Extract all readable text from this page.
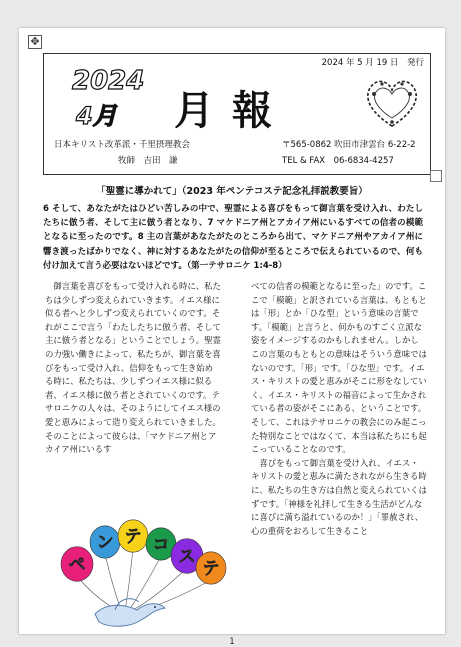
✥
2024 年 5 月 19 日　発行
2024
4月 月報
日本キリスト改革派・千里摂理教会
牧師　吉田　謙
〒565-0862 吹田市津雲台 6-22-2
TEL & FAX　06-6834-4257
「聖霊に導かれて」（2023 年ペンテコステ記念礼拝説教要旨）
6 そして、あなたがたはひどい苦しみの中で、聖霊による喜びをもって御言葉を受け入れ、わたしたちに倣う者、そして主に倣う者となり、7 マケドニア州とアカイア州にいるすべての信者の模範となるに至ったのです。8 主の言葉があなたがたのところから出て、マケドニア州やアカイア州に響き渡ったばかりでなく、神に対するあなたがたの信仰が至るところで伝えられているので、何も付け加えて言う必要はないほどです。（第一テサロニケ 1:4-8）

御言葉を喜びをもって受け入れる時に、私たちは少しずつ変えられていきます。イエス様に似る者へと少しずつ変えられていくのです。それがここで言う「わたしたちに倣う者、そして主に倣う者となる」ということでしょう。聖霊の力強い働きによって、私たちが、御言葉を喜びをもって受け入れ、信仰をもって生き始める時に、私たちは、少しずつイエス様に似る者、イエス様に倣う者とされていくのです。テサロニケの人々は、そのようにしてイエス様の愛と恵みによって造り変えられていきました。そのことによって彼らは、「マケドニア州とアカイア州にいるす

べての信者の模範となるに至った」のです。ここで「模範」と訳されている言葉は、もともとは「形」とか「ひな型」という意味の言葉です。「模範」と言うと、何かものすごく立派な姿をイメージするのかもしれません。しかしこの言葉のもともとの意味はそういう意味ではないのです。「形」です。「ひな型」です。イエス・キリストの愛と恵みがそこに形をなしていく、イエス・キリストの福音によって生かされている者の姿がそこにある、ということです。そして、これはテサロニケの教会にのみ起こった特別なことではなくて、本当は私たちにも起こっていることなのです。

喜びをもって御言葉を受け入れ、イエス・キリストの愛と恵みに満たされながら生きる時に、私たちの生き方は自然と変えられていくはずです。「神様を礼拝して生きる生活がどんなに喜びに満ち溢れているのか！」「罪赦され、心の重荷をおろして生きること

ペ
ン テ コ
ス
テ
1
